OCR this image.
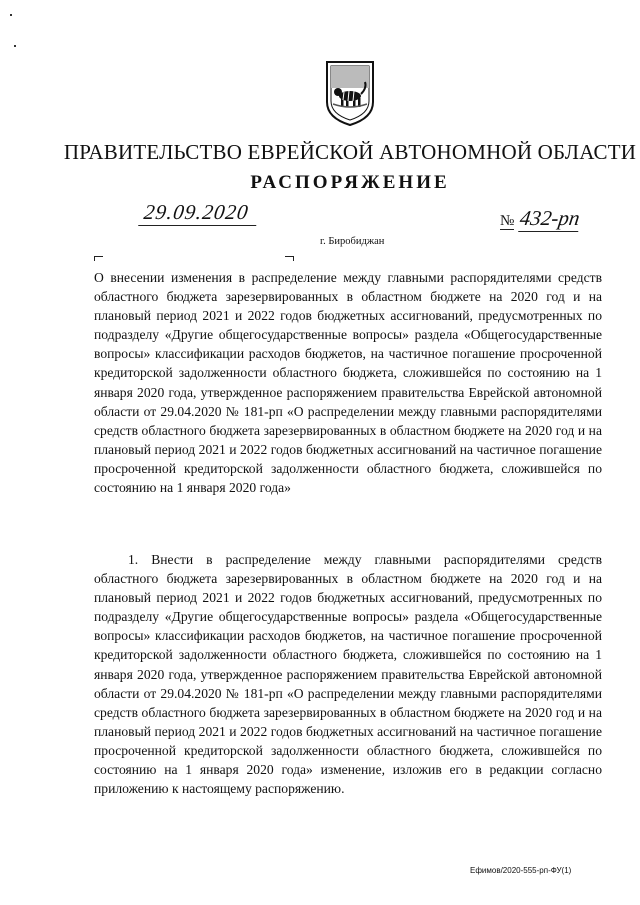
ПРАВИТЕЛЬСТВО ЕВРЕЙСКОЙ АВТОНОМНОЙ ОБЛАСТИ
РАСПОРЯЖЕНИЕ
29.09.2020	№ 432-рп
г. Биробиджан
О внесении изменения в распределение между главными распорядителями средств областного бюджета зарезервированных в областном бюджете на 2020 год и на плановый период 2021 и 2022 годов бюджетных ассигнований, предусмотренных по подразделу «Другие общегосударственные вопросы» раздела «Общегосударственные вопросы» классификации расходов бюджетов, на частичное погашение просроченной кредиторской задолженности областного бюджета, сложившейся по состоянию на 1 января 2020 года, утвержденное распоряжением правительства Еврейской автономной области от 29.04.2020 № 181-рп «О распределении между главными распорядителями средств областного бюджета зарезервированных в областном бюджете на 2020 год и на плановый период 2021 и 2022 годов бюджетных ассигнований на частичное погашение просроченной кредиторской задолженности областного бюджета, сложившейся по состоянию на 1 января 2020 года»
1. Внести в распределение между главными распорядителями средств областного бюджета зарезервированных в областном бюджете на 2020 год и на плановый период 2021 и 2022 годов бюджетных ассигнований, предусмотренных по подразделу «Другие общегосударственные вопросы» раздела «Общегосударственные вопросы» классификации расходов бюджетов, на частичное погашение просроченной кредиторской задолженности областного бюджета, сложившейся по состоянию на 1 января 2020 года, утвержденное распоряжением правительства Еврейской автономной области от 29.04.2020 № 181-рп «О распределении между главными распорядителями средств областного бюджета зарезервированных в областном бюджете на 2020 год и на плановый период 2021 и 2022 годов бюджетных ассигнований на частичное погашение просроченной кредиторской задолженности областного бюджета, сложившейся по состоянию на 1 января 2020 года» изменение, изложив его в редакции согласно приложению к настоящему распоряжению.
Ефимов/2020-555-рп-ФУ(1)
